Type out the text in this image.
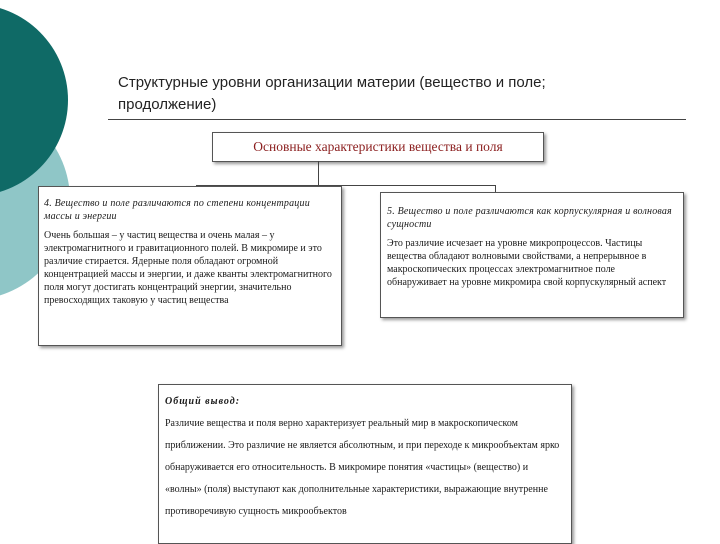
Структурные уровни организации материи (вещество и поле;
продолжение)
Основные характеристики вещества и поля
4. Вещество и поле различаются по степени концентрации массы и энергии
Очень большая – у частиц вещества и очень малая – у электромагнитного и гравитационного полей. В микромире и это различие стирается. Ядерные поля обладают огромной концентрацией массы и энергии, и даже кванты электромагнитного поля могут достигать концентраций энергии, значительно превосходящих таковую у частиц вещества
5. Вещество и поле различаются как корпускулярная и волновая сущности
Это различие исчезает на уровне микропроцессов. Частицы вещества обладают волновыми свойствами, а непрерывное в макроскопических процессах электромагнитное поле обнаруживает на уровне микромира свой корпускулярный аспект
Общий вывод:
Различие вещества и поля верно характеризует реальный мир в макроскопическом приближении. Это различие не является абсолютным, и при переходе к микрообъектам ярко обнаруживается его относительность. В микромире понятия «частицы» (вещество) и «волны» (поля) выступают как дополнительные характеристики, выражающие внутренне противоречивую сущность микрообъектов
